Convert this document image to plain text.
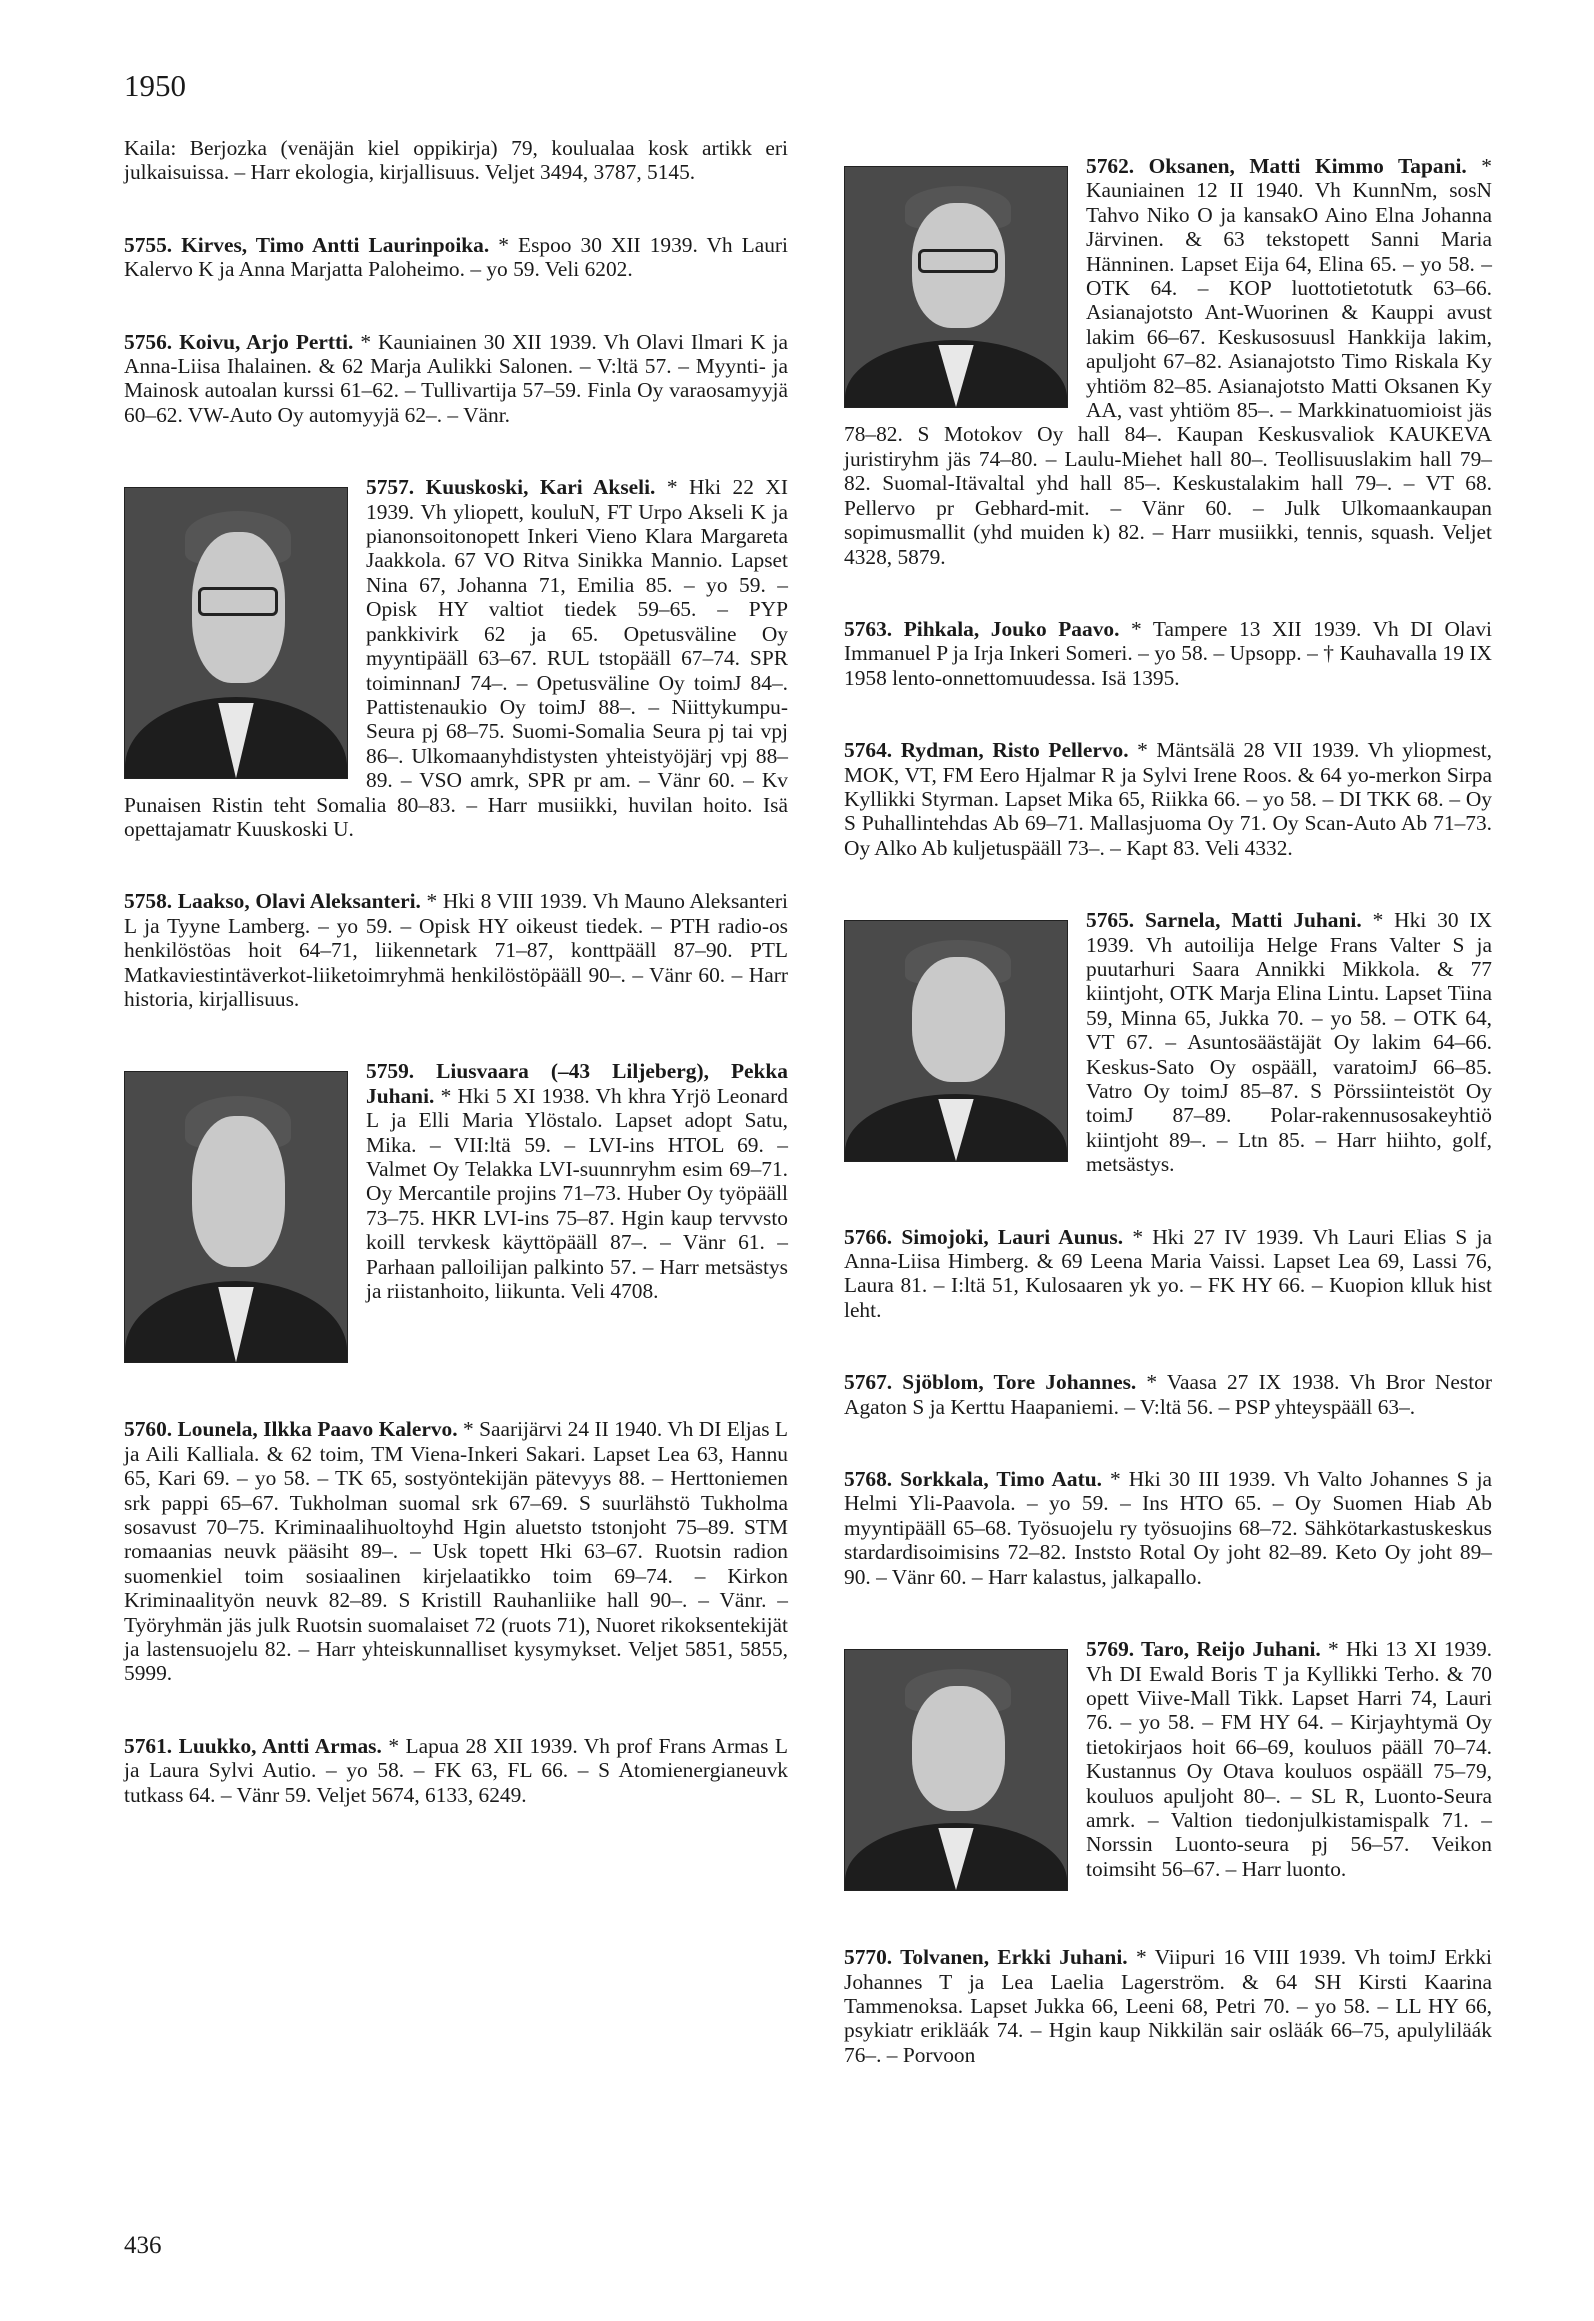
1950

Kaila: Berjozka (venäjän kiel oppikirja) 79, koulualaa kosk artikk eri julkaisuissa. – Harr ekologia, kirjallisuus. Veljet 3494, 3787, 5145.

5755. Kirves, Timo Antti Laurinpoika. * Espoo 30 XII 1939. Vh Lauri Kalervo K ja Anna Marjatta Paloheimo. – yo 59. Veli 6202.

5756. Koivu, Arjo Pertti. * Kauniainen 30 XII 1939. Vh Olavi Ilmari K ja Anna-Liisa Ihalainen. & 62 Marja Aulikki Salonen. – V:ltä 57. – Myynti- ja Mainosk autoalan kurssi 61–62. – Tullivartija 57–59. Finla Oy varaosamyyjä 60–62. VW-Auto Oy automyyjä 62–. – Vänr.

5757. Kuuskoski, Kari Akseli. * Hki 22 XI 1939. Vh yliopett, kouluN, FT Urpo Akseli K ja pianonsoitonopett Inkeri Vieno Klara Margareta Jaakkola. 67 VO Ritva Sinikka Mannio. Lapset Nina 67, Johanna 71, Emilia 85. – yo 59. – Opisk HY valtiot tiedek 59–65. – PYP pankkivirk 62 ja 65. Opetusväline Oy myyntipääll 63–67. RUL tstopääll 67–74. SPR toiminnanJ 74–. – Opetusväline Oy toimJ 84–. Pattistenaukio Oy toimJ 88–. – Niittykumpu-Seura pj 68–75. Suomi-Somalia Seura pj tai vpj 86–. Ulkomaanyhdistysten yhteistyöjärj vpj 88–89. – VSO amrk, SPR pr am. – Vänr 60. – Kv Punaisen Ristin teht Somalia 80–83. – Harr musiikki, huvilan hoito. Isä opettajamatr Kuuskoski U.

5758. Laakso, Olavi Aleksanteri. * Hki 8 VIII 1939. Vh Mauno Aleksanteri L ja Tyyne Lamberg. – yo 59. – Opisk HY oikeust tiedek. – PTH radio-os henkilöstöas hoit 64–71, liikennetark 71–87, konttpääll 87–90. PTL Matkaviestintäverkot-liiketoimryhmä henkilöstöpääll 90–. – Vänr 60. – Harr historia, kirjallisuus.

5759. Liusvaara (–43 Liljeberg), Pekka Juhani. * Hki 5 XI 1938. Vh khra Yrjö Leonard L ja Elli Maria Ylöstalo. Lapset adopt Satu, Mika. – VII:ltä 59. – LVI-ins HTOL 69. – Valmet Oy Telakka LVI-suunnryhm esim 69–71. Oy Mercantile projins 71–73. Huber Oy työpääll 73–75. HKR LVI-ins 75–87. Hgin kaup tervvsto koill tervkesk käyttöpääll 87–. – Vänr 61. – Parhaan palloilijan palkinto 57. – Harr metsästys ja riistanhoito, liikunta. Veli 4708.

5760. Lounela, Ilkka Paavo Kalervo. * Saarijärvi 24 II 1940. Vh DI Eljas L ja Aili Kalliala. & 62 toim, TM Viena-Inkeri Sakari. Lapset Lea 63, Hannu 65, Kari 69. – yo 58. – TK 65, sostyöntekijän pätevyys 88. – Herttoniemen srk pappi 65–67. Tukholman suomal srk 67–69. S suurlähstö Tukholma sosavust 70–75. Kriminaalihuoltoyhd Hgin aluetsto tstonjoht 75–89. STM romaanias neuvk pääsiht 89–. – Usk topett Hki 63–67. Ruotsin radion suomenkiel toim sosiaalinen kirjelaatikko toim 69–74. – Kirkon Kriminaalityön neuvk 82–89. S Kristill Rauhanliike hall 90–. – Vänr. – Työryhmän jäs julk Ruotsin suomalaiset 72 (ruots 71), Nuoret rikoksentekijät ja lastensuojelu 82. – Harr yhteiskunnalliset kysymykset. Veljet 5851, 5855, 5999.

5761. Luukko, Antti Armas. * Lapua 28 XII 1939. Vh prof Frans Armas L ja Laura Sylvi Autio. – yo 58. – FK 63, FL 66. – S Atomienergianeuvk tutkass 64. – Vänr 59. Veljet 5674, 6133, 6249.

5762. Oksanen, Matti Kimmo Tapani. * Kauniainen 12 II 1940. Vh KunnNm, sosN Tahvo Niko O ja kansakO Aino Elna Johanna Järvinen. & 63 tekstopett Sanni Maria Hänninen. Lapset Eija 64, Elina 65. – yo 58. – OTK 64. – KOP luottotietotutk 63–66. Asianajotsto Ant-Wuorinen & Kauppi avust lakim 66–67. Keskusosuusl Hankkija lakim, apuljoht 67–82. Asianajotsto Timo Riskala Ky yhtiöm 82–85. Asianajotsto Matti Oksanen Ky AA, vast yhtiöm 85–. – Markkinatuomioist jäs 78–82. S Motokov Oy hall 84–. Kaupan Keskusvaliok KAUKEVA juristiryhm jäs 74–80. – Laulu-Miehet hall 80–. Teollisuuslakim hall 79–82. Suomal-Itävaltal yhd hall 85–. Keskustalakim hall 79–. – VT 68. Pellervo pr Gebhard-mit. – Vänr 60. – Julk Ulkomaankaupan sopimusmallit (yhd muiden k) 82. – Harr musiikki, tennis, squash. Veljet 4328, 5879.

5763. Pihkala, Jouko Paavo. * Tampere 13 XII 1939. Vh DI Olavi Immanuel P ja Irja Inkeri Someri. – yo 58. – Upsopp. – † Kauhavalla 19 IX 1958 lento-onnettomuudessa. Isä 1395.

5764. Rydman, Risto Pellervo. * Mäntsälä 28 VII 1939. Vh yliopmest, MOK, VT, FM Eero Hjalmar R ja Sylvi Irene Roos. & 64 yo-merkon Sirpa Kyllikki Styrman. Lapset Mika 65, Riikka 66. – yo 58. – DI TKK 68. – Oy S Puhallintehdas Ab 69–71. Mallasjuoma Oy 71. Oy Scan-Auto Ab 71–73. Oy Alko Ab kuljetuspääll 73–. – Kapt 83. Veli 4332.

5765. Sarnela, Matti Juhani. * Hki 30 IX 1939. Vh autoilija Helge Frans Valter S ja puutarhuri Saara Annikki Mikkola. & 77 kiintjoht, OTK Marja Elina Lintu. Lapset Tiina 59, Minna 65, Jukka 70. – yo 58. – OTK 64, VT 67. – Asuntosäästäjät Oy lakim 64–66. Keskus-Sato Oy ospääll, varatoimJ 66–85. Vatro Oy toimJ 85–87. S Pörssiinteistöt Oy toimJ 87–89. Polar-rakennusosakeyhtiö kiintjoht 89–. – Ltn 85. – Harr hiihto, golf, metsästys.

5766. Simojoki, Lauri Aunus. * Hki 27 IV 1939. Vh Lauri Elias S ja Anna-Liisa Himberg. & 69 Leena Maria Vaissi. Lapset Lea 69, Lassi 76, Laura 81. – I:ltä 51, Kulosaaren yk yo. – FK HY 66. – Kuopion klluk hist leht.

5767. Sjöblom, Tore Johannes. * Vaasa 27 IX 1938. Vh Bror Nestor Agaton S ja Kerttu Haapaniemi. – V:ltä 56. – PSP yhteyspääll 63–.

5768. Sorkkala, Timo Aatu. * Hki 30 III 1939. Vh Valto Johannes S ja Helmi Yli-Paavola. – yo 59. – Ins HTO 65. – Oy Suomen Hiab Ab myyntipääll 65–68. Työsuojelu ry työsuojins 68–72. Sähkötarkastuskeskus stardardisoimisins 72–82. Inststo Rotal Oy joht 82–89. Keto Oy joht 89–90. – Vänr 60. – Harr kalastus, jalkapallo.

5769. Taro, Reijo Juhani. * Hki 13 XI 1939. Vh DI Ewald Boris T ja Kyllikki Terho. & 70 opett Viive-Mall Tikk. Lapset Harri 74, Lauri 76. – yo 58. – FM HY 64. – Kirjayhtymä Oy tietokirjaos hoit 66–69, kouluos pääll 70–74. Kustannus Oy Otava kouluos ospääll 75–79, kouluos apuljoht 80–. – SL R, Luonto-Seura amrk. – Valtion tiedonjulkistamispalk 71. – Norssin Luonto-seura pj 56–57. Veikon toimsiht 56–67. – Harr luonto.

5770. Tolvanen, Erkki Juhani. * Viipuri 16 VIII 1939. Vh toimJ Erkki Johannes T ja Lea Laelia Lagerström. & 64 SH Kirsti Kaarina Tammenoksa. Lapset Jukka 66, Leeni 68, Petri 70. – yo 58. – LL HY 66, psykiatr erikläák 74. – Hgin kaup Nikkilän sair osläák 66–75, apulyliläák 76–. – Porvoon

436
